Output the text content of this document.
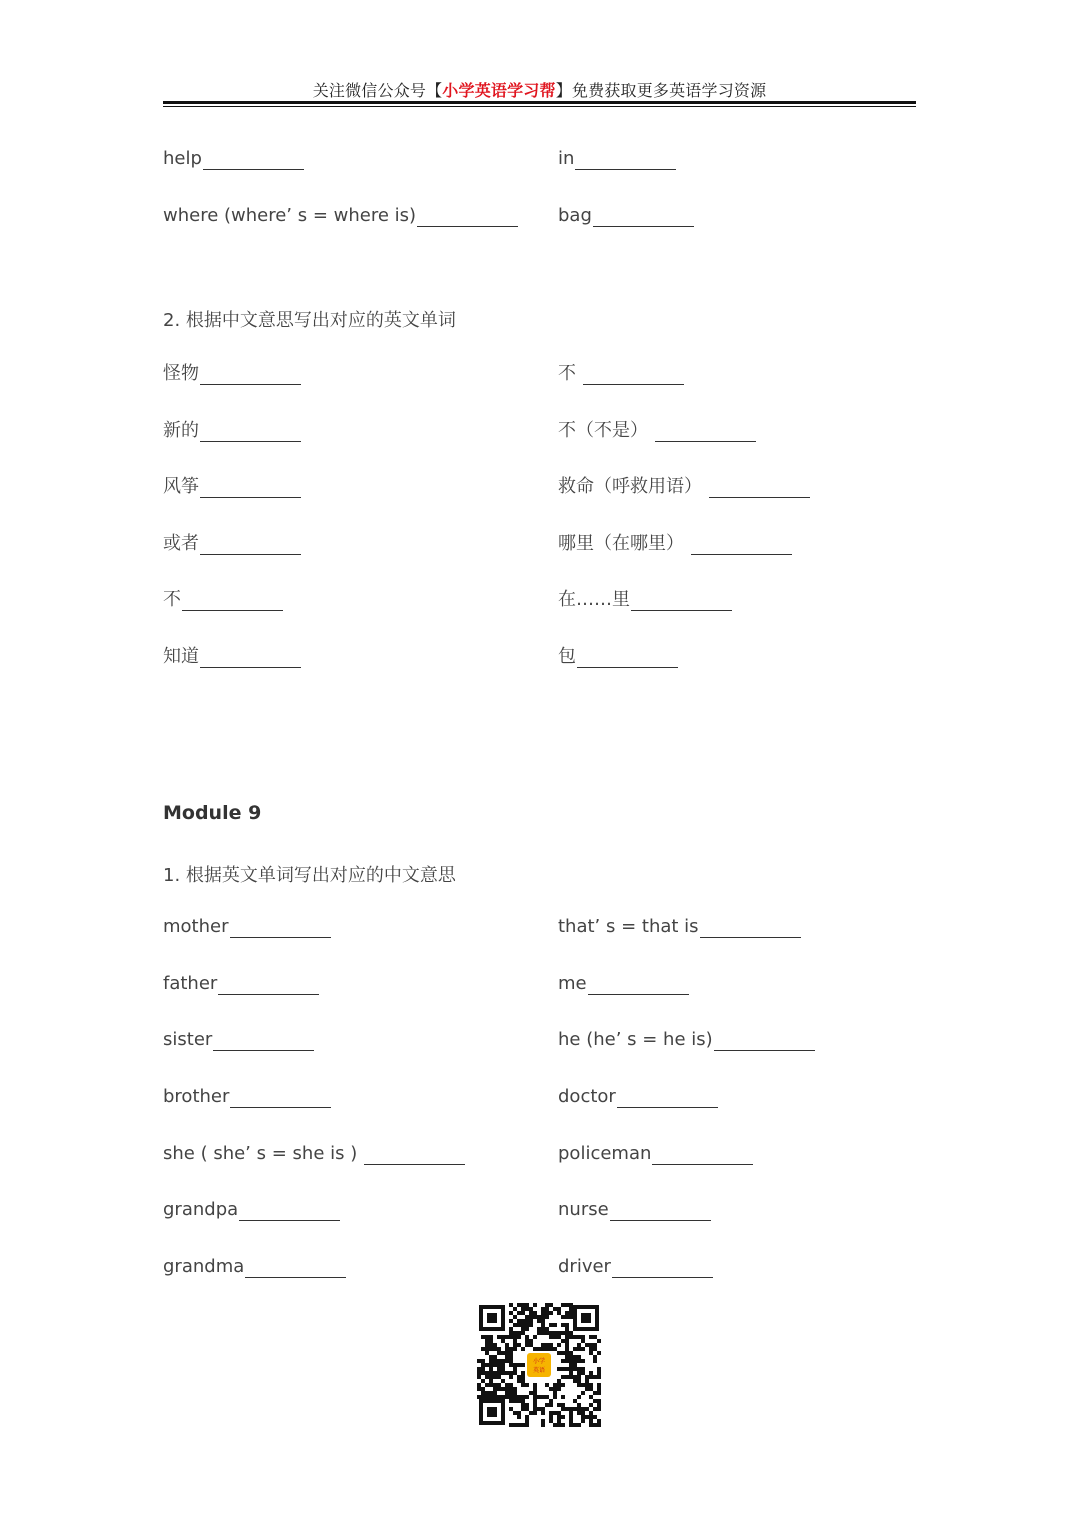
关注微信公众号【小学英语学习帮】免费获取更多英语学习资源
help
where (where’ s = where is)
in
bag
2. 根据中文意思写出对应的英文单词
怪物
新的
风筝
或者
不
知道
不
不（不是）
救命（呼救用语）
哪里（在哪里）
在……里
包
Module 9
1. 根据英文单词写出对应的中文意思
mother
father
sister
brother
she ( she’ s = she is )
grandpa
grandma
that’ s = that is
me
he (he’ s = he is)
doctor
policeman
nurse
driver
小学
英语
